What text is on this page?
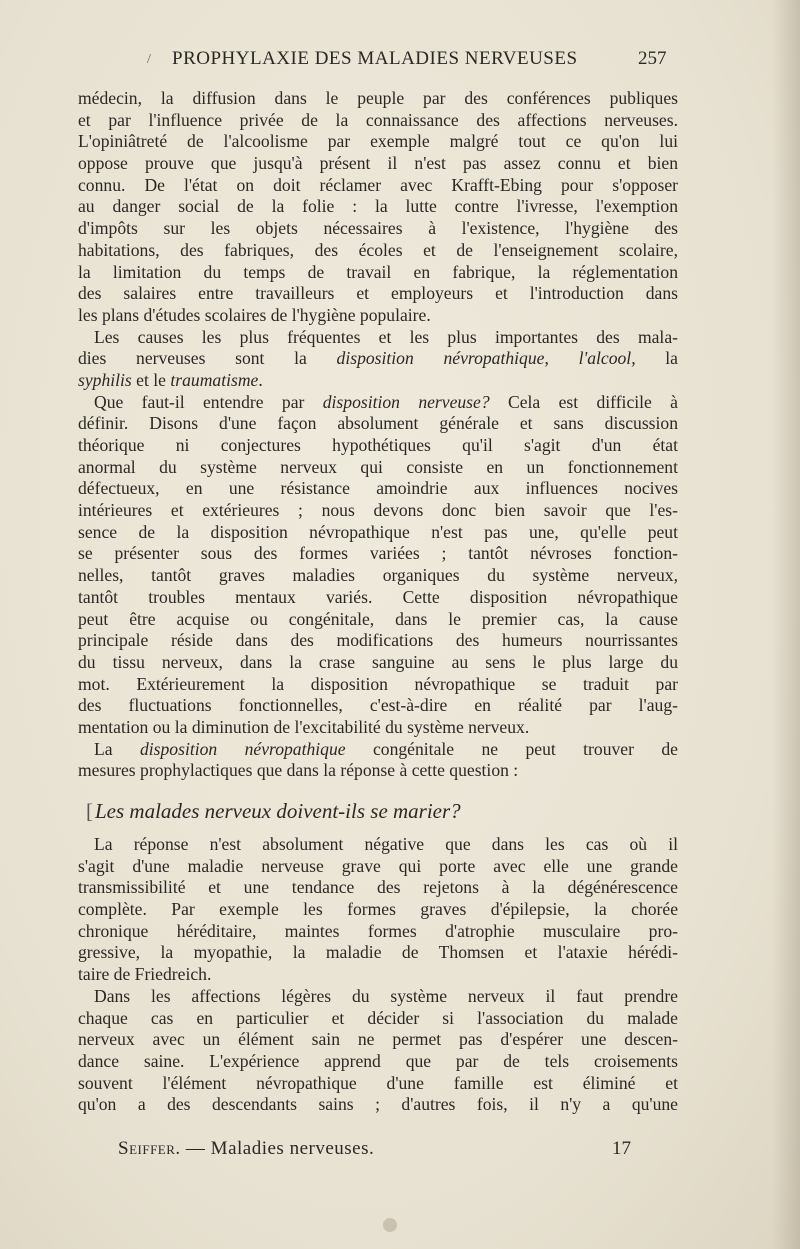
/ PROPHYLAXIE DES MALADIES NERVEUSES	257
médecin, la diffusion dans le peuple par des conférences publiques
et par l'influence privée de la connaissance des affections nerveuses.
L'opiniâtreté de l'alcoolisme par exemple malgré tout ce qu'on lui
oppose prouve que jusqu'à présent il n'est pas assez connu et bien
connu. De l'état on doit réclamer avec Krafft-Ebing pour s'opposer
au danger social de la folie : la lutte contre l'ivresse, l'exemption
d'impôts sur les objets nécessaires à l'existence, l'hygiène des
habitations, des fabriques, des écoles et de l'enseignement scolaire,
la limitation du temps de travail en fabrique, la réglementation
des salaires entre travailleurs et employeurs et l'introduction dans
les plans d'études scolaires de l'hygiène populaire.
Les causes les plus fréquentes et les plus importantes des mala-
dies nerveuses sont la disposition névropathique, l'alcool, la
syphilis et le traumatisme.
Que faut-il entendre par disposition nerveuse? Cela est difficile à
définir. Disons d'une façon absolument générale et sans discussion
théorique ni conjectures hypothétiques qu'il s'agit d'un état
anormal du système nerveux qui consiste en un fonctionnement
défectueux, en une résistance amoindrie aux influences nocives
intérieures et extérieures ; nous devons donc bien savoir que l'es-
sence de la disposition névropathique n'est pas une, qu'elle peut
se présenter sous des formes variées ; tantôt névroses fonction-
nelles, tantôt graves maladies organiques du système nerveux,
tantôt troubles mentaux variés. Cette disposition névropathique
peut être acquise ou congénitale, dans le premier cas, la cause
principale réside dans des modifications des humeurs nourrissantes
du tissu nerveux, dans la crase sanguine au sens le plus large du
mot. Extérieurement la disposition névropathique se traduit par
des fluctuations fonctionnelles, c'est-à-dire en réalité par l'aug-
mentation ou la diminution de l'excitabilité du système nerveux.
La disposition névropathique congénitale ne peut trouver de
mesures prophylactiques que dans la réponse à cette question :
[Les malades nerveux doivent-ils se marier?
La réponse n'est absolument négative que dans les cas où il
s'agit d'une maladie nerveuse grave qui porte avec elle une grande
transmissibilité et une tendance des rejetons à la dégénérescence
complète. Par exemple les formes graves d'épilepsie, la chorée
chronique héréditaire, maintes formes d'atrophie musculaire pro-
gressive, la myopathie, la maladie de Thomsen et l'ataxie hérédi-
taire de Friedreich.
Dans les affections légères du système nerveux il faut prendre
chaque cas en particulier et décider si l'association du malade
nerveux avec un élément sain ne permet pas d'espérer une descen-
dance saine. L'expérience apprend que par de tels croisements
souvent l'élément névropathique d'une famille est éliminé et
qu'on a des descendants sains ; d'autres fois, il n'y a qu'une
Seiffer. — Maladies nerveuses.	17
